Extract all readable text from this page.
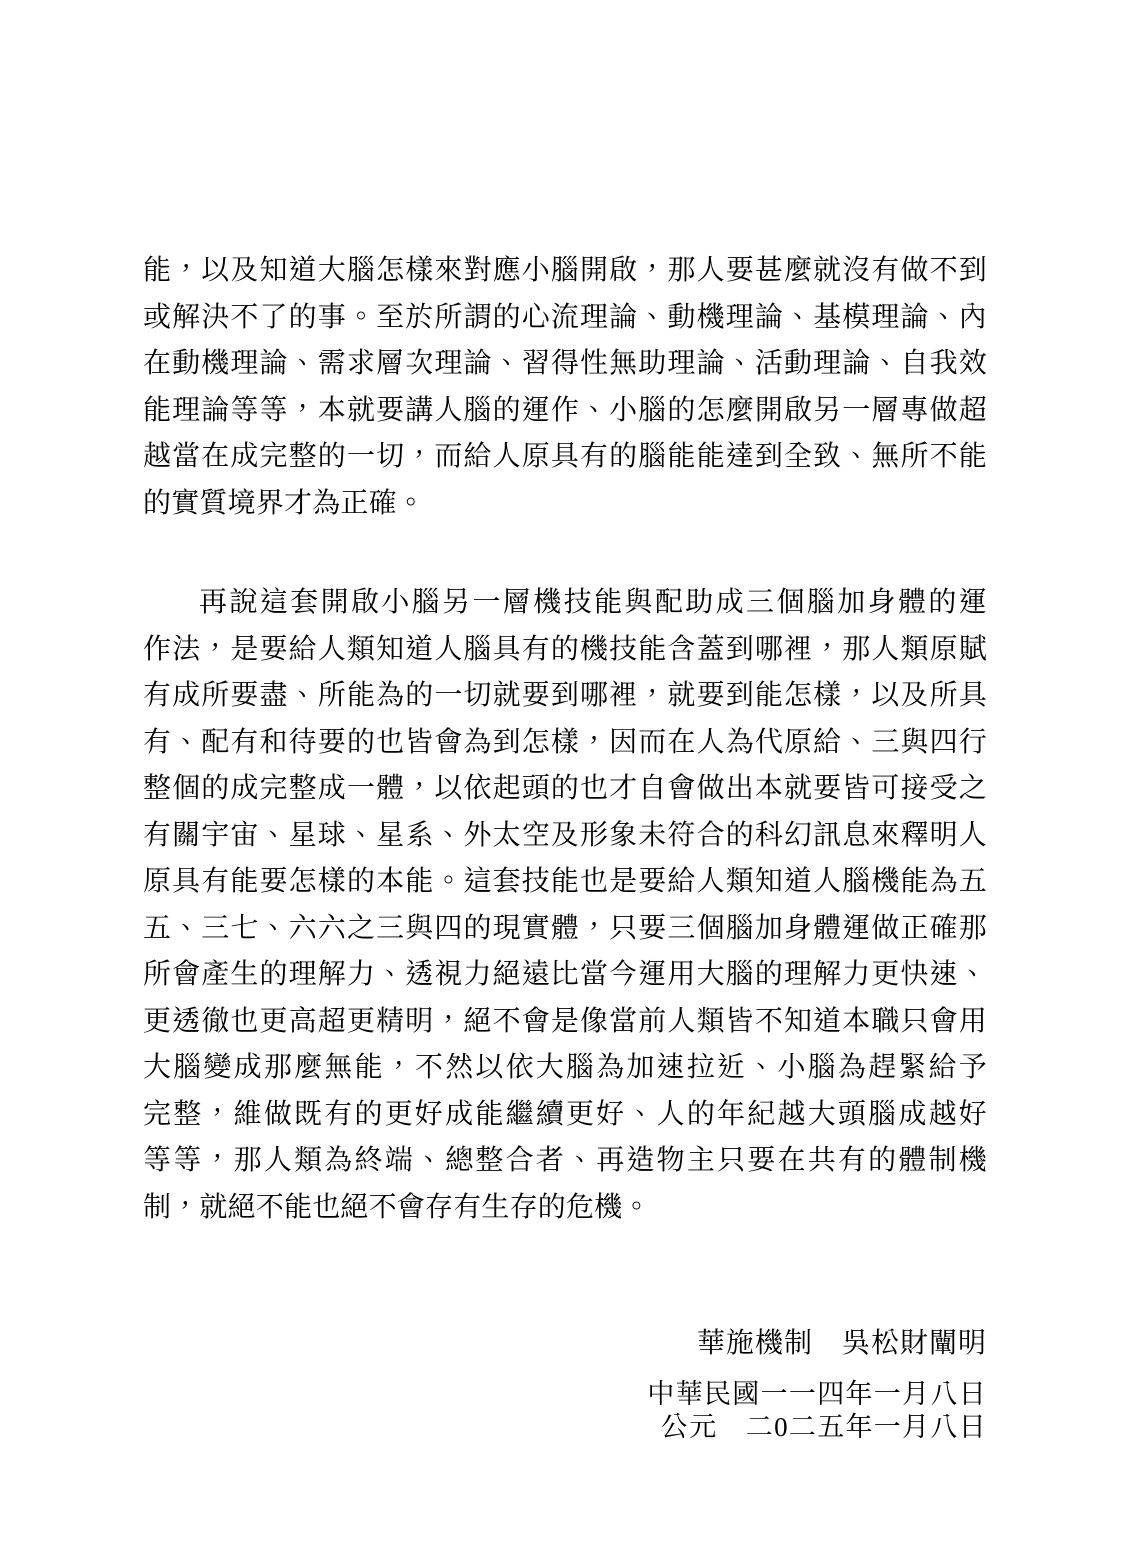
能，以及知道大腦怎樣來對應小腦開啟，那人要甚麼就沒有做不到
或解決不了的事。至於所謂的心流理論、動機理論、基模理論、內
在動機理論、需求層次理論、習得性無助理論、活動理論、自我效
能理論等等，本就要講人腦的運作、小腦的怎麼開啟另一層專做超
越當在成完整的一切，而給人原具有的腦能能達到全致、無所不能
的實質境界才為正確。
再說這套開啟小腦另一層機技能與配助成三個腦加身體的運
作法，是要給人類知道人腦具有的機技能含蓋到哪裡，那人類原賦
有成所要盡、所能為的一切就要到哪裡，就要到能怎樣，以及所具
有、配有和待要的也皆會為到怎樣，因而在人為代原給、三與四行
整個的成完整成一體，以依起頭的也才自會做出本就要皆可接受之
有關宇宙、星球、星系、外太空及形象未符合的科幻訊息來釋明人
原具有能要怎樣的本能。這套技能也是要給人類知道人腦機能為五
五、三七、六六之三與四的現實體，只要三個腦加身體運做正確那
所會產生的理解力、透視力絕遠比當今運用大腦的理解力更快速、
更透徹也更高超更精明，絕不會是像當前人類皆不知道本職只會用
大腦變成那麼無能，不然以依大腦為加速拉近、小腦為趕緊給予
完整，維做既有的更好成能繼續更好、人的年紀越大頭腦成越好
等等，那人類為終端、總整合者、再造物主只要在共有的體制機
制，就絕不能也絕不會存有生存的危機。
華施機制　吳松財闡明
中華民國一一四年一月八日
公元　二0二五年一月八日
